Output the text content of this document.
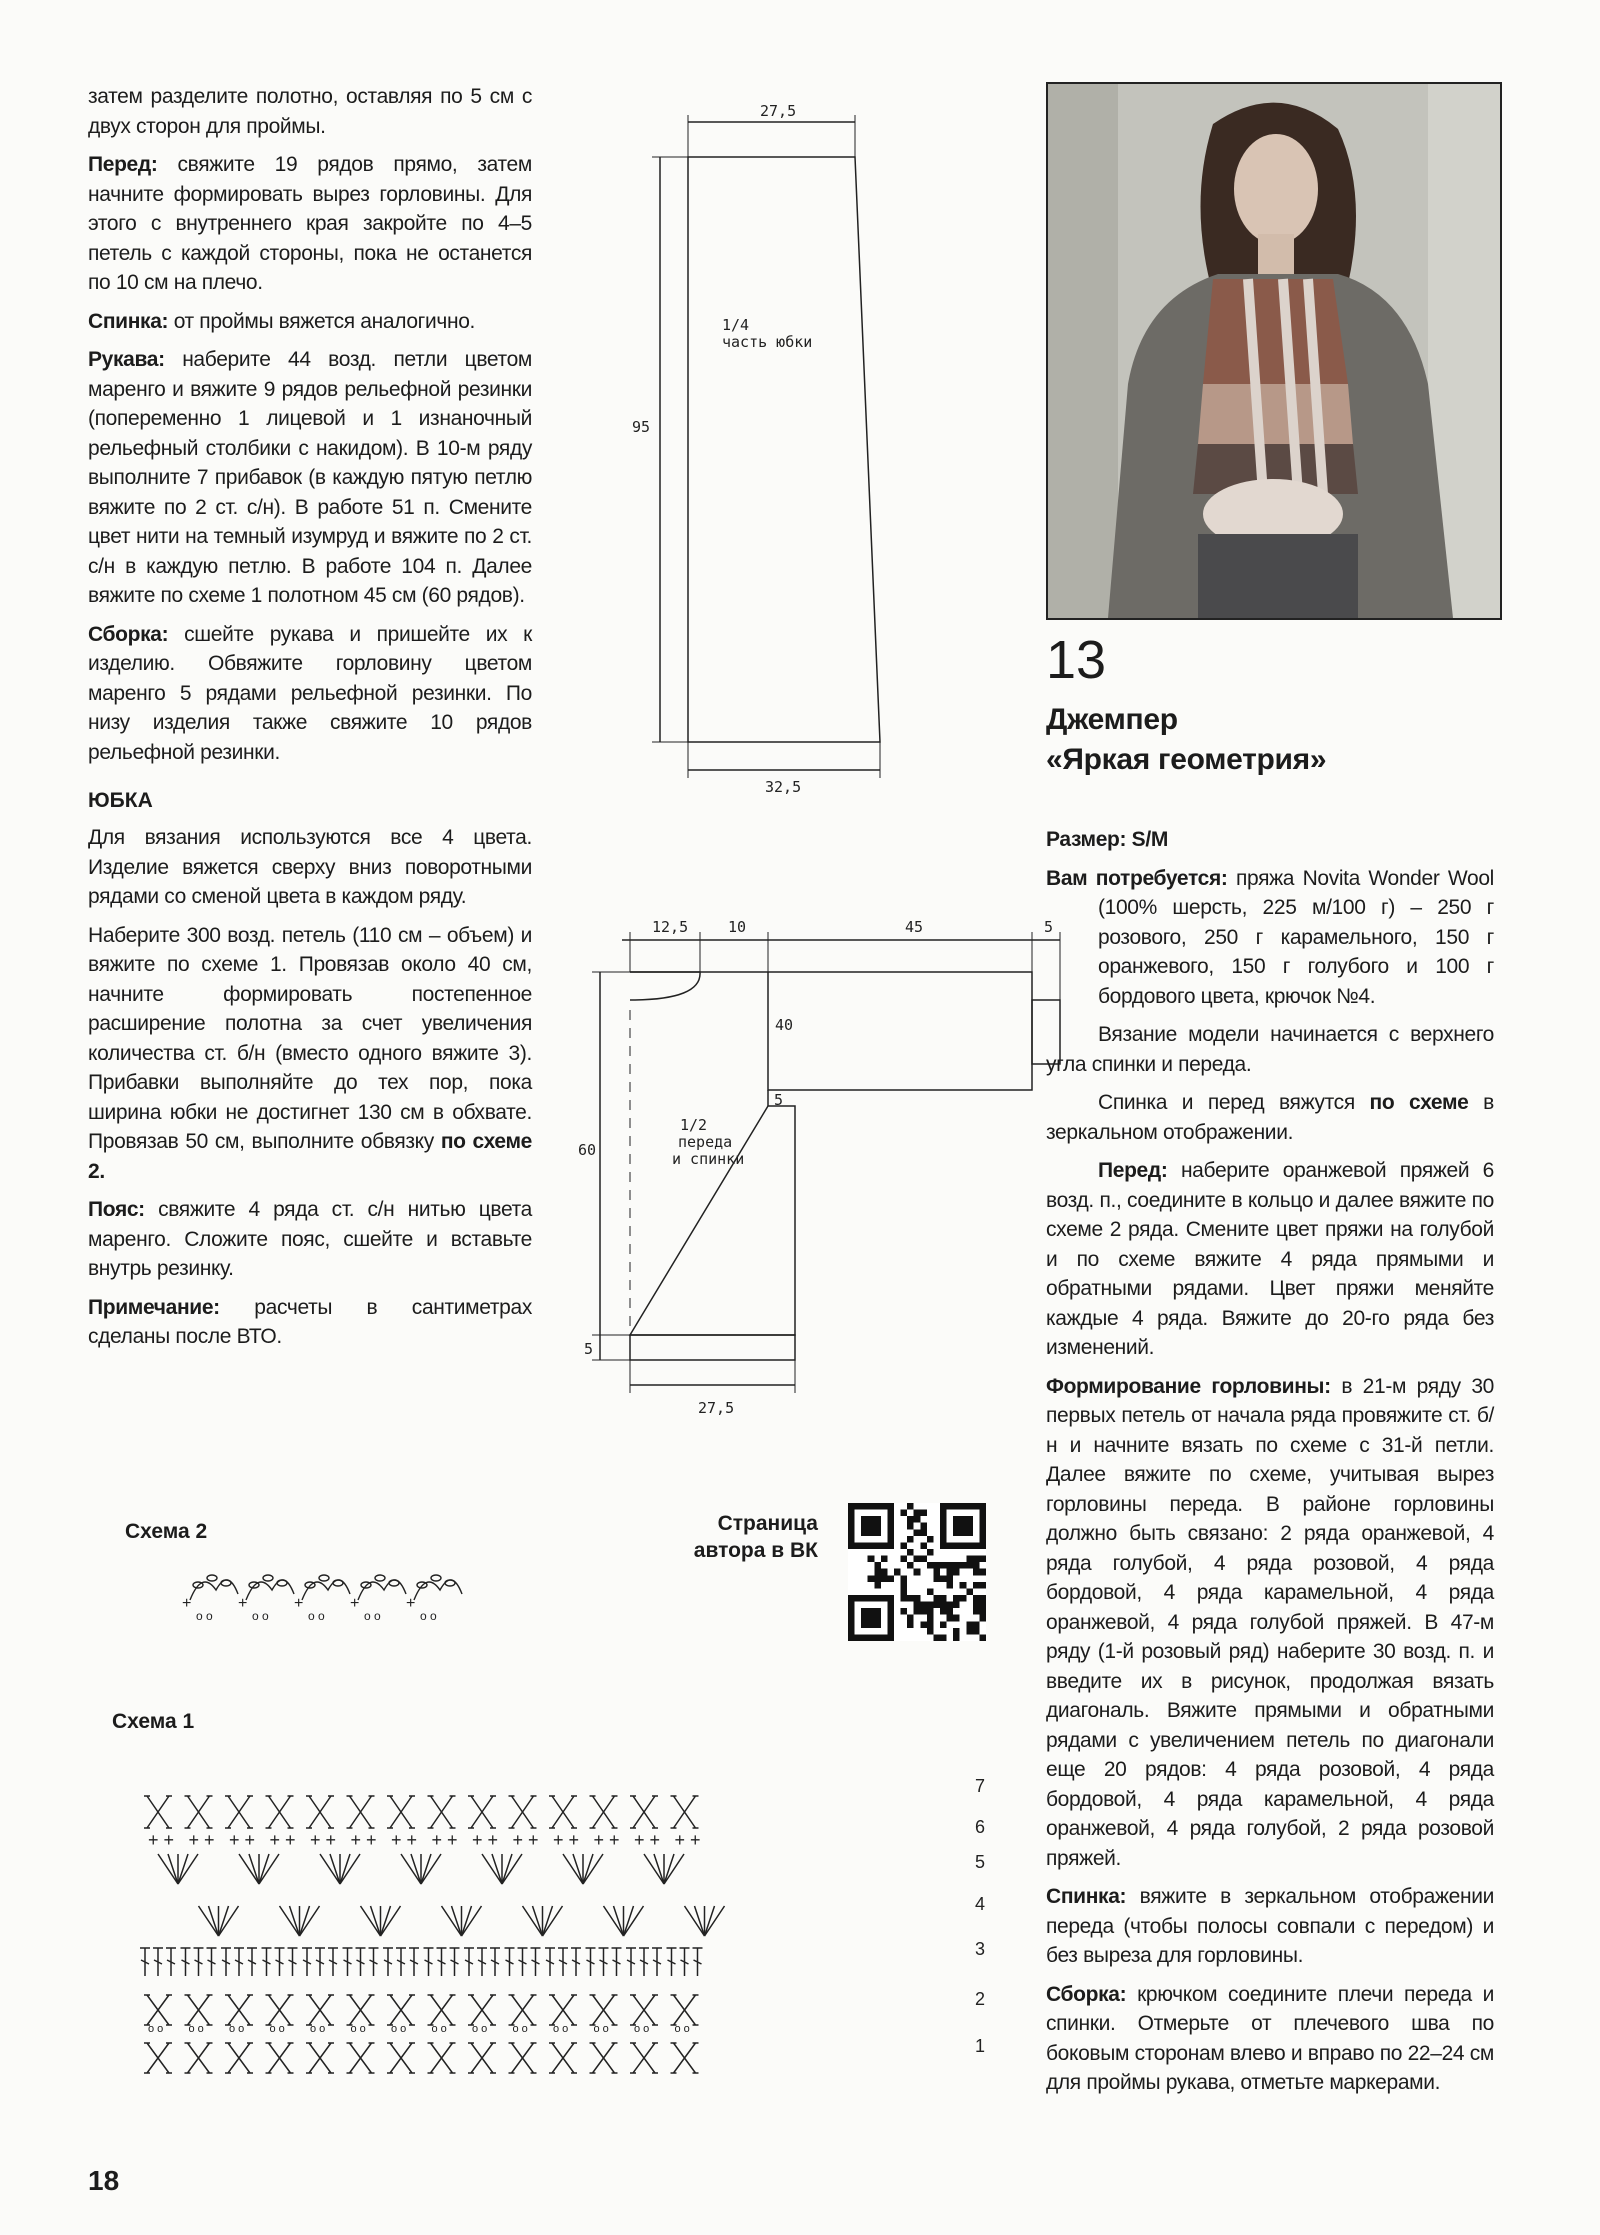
затем разделите полотно, оставляя по 5 см с двух сторон для проймы.

Перед: свяжите 19 рядов прямо, затем начните формировать вырез горловины. Для этого с внутреннего края закройте по 4–5 петель с каждой стороны, пока не останется по 10 см на плечо.

Спинка: от проймы вяжется аналогично.

Рукава: наберите 44 возд. петли цветом маренго и вяжите 9 рядов рельефной резинки (попеременно 1 лицевой и 1 изнаночный рельефный столбики с накидом). В 10-м ряду выполните 7 прибавок (в каждую пятую петлю вяжите по 2 ст. с/н). В работе 51 п. Смените цвет нити на темный изумруд и вяжите по 2 ст. с/н в каждую петлю. В работе 104 п. Далее вяжите по схеме 1 полотном 45 см (60 рядов).

Сборка: сшейте рукава и пришейте их к изделию. Обвяжите горловину цветом маренго 5 рядами рельефной резинки. По низу изделия также свяжите 10 рядов рельефной резинки.

ЮБКА

Для вязания используются все 4 цвета. Изделие вяжется сверху вниз поворотными рядами со сменой цвета в каждом ряду.

Наберите 300 возд. петель (110 см – объем) и вяжите по схеме 1. Провязав около 40 см, начните формировать постепенное расширение полотна за счет увеличения количества ст. б/н (вместо одного вяжите 3). Прибавки выполняйте до тех пор, пока ширина юбки не достигнет 130 см в обхвате. Провязав 50 см, выполните обвязку по схеме 2.

Пояс: свяжите 4 ряда ст. с/н нитью цвета маренго. Сложите пояс, сшейте и вставьте внутрь резинку.

Примечание: расчеты в сантиметрах сделаны после ВТО.

27,5
95
32,5
1/4
часть юбки
12,5	10	45	5
40
5
60
5
27,5
1/2
переда
и спинки
+
o o
+
o o
+
o o
+
o o
+
o o
+ +
o o
+ +
o o
+ +
o o
+ +
o o
+ +
o o
+ +
o o
+ +
o o
+ +
o o
+ +
o o
+ +
o o
+ +
o o
+ +
o o
+ +
o o
+ +
o o
7
6
5
4
3
2
1
Схема 2
Схема 1
Страница
автора в ВК
13
Джемпер
«Яркая геометрия»

Размер: S/M

Вам потребуется: пряжа Novita Wonder Wool (100% шерсть, 225 м/100 г) – 250 г розового, 250 г карамельного, 150 г оранжевого, 150 г голубого и 100 г бордового цвета, крючок №4.

Вязание модели начинается с верхнего угла спинки и переда.

Спинка и перед вяжутся по схеме в зеркальном отображении.

Перед: наберите оранжевой пряжей 6 возд. п., соедините в кольцо и далее вяжите по схеме 2 ряда. Смените цвет пряжи на голубой и по схеме вяжите 4 ряда прямыми и обратными рядами. Цвет пряжи меняйте каждые 4 ряда. Вяжите до 20-го ряда без изменений.

Формирование горловины: в 21-м ряду 30 первых петель от начала ряда провяжите ст. б/н и начните вязать по схеме с 31-й петли. Далее вяжите по схеме, учитывая вырез горловины переда. В районе горловины должно быть связано: 2 ряда оранжевой, 4 ряда голубой, 4 ряда розовой, 4 ряда бордовой, 4 ряда карамельной, 4 ряда оранжевой, 4 ряда голубой пряжей. В 47-м ряду (1-й розовый ряд) наберите 30 возд. п. и введите их в рисунок, продолжая вязать диагональ. Вяжите прямыми и обратными рядами с увеличением петель по диагонали еще 20 рядов: 4 ряда розовой, 4 ряда бордовой, 4 ряда карамельной, 4 ряда оранжевой, 4 ряда голубой, 2 ряда розовой пряжей.

Спинка: вяжите в зеркальном отображении переда (чтобы полосы совпали с передом) и без выреза для горловины.

Сборка: крючком соедините плечи переда и спинки. Отмерьте от плечевого шва по боковым сторонам влево и вправо по 22–24 см для проймы рукава, отметьте маркерами.

18
